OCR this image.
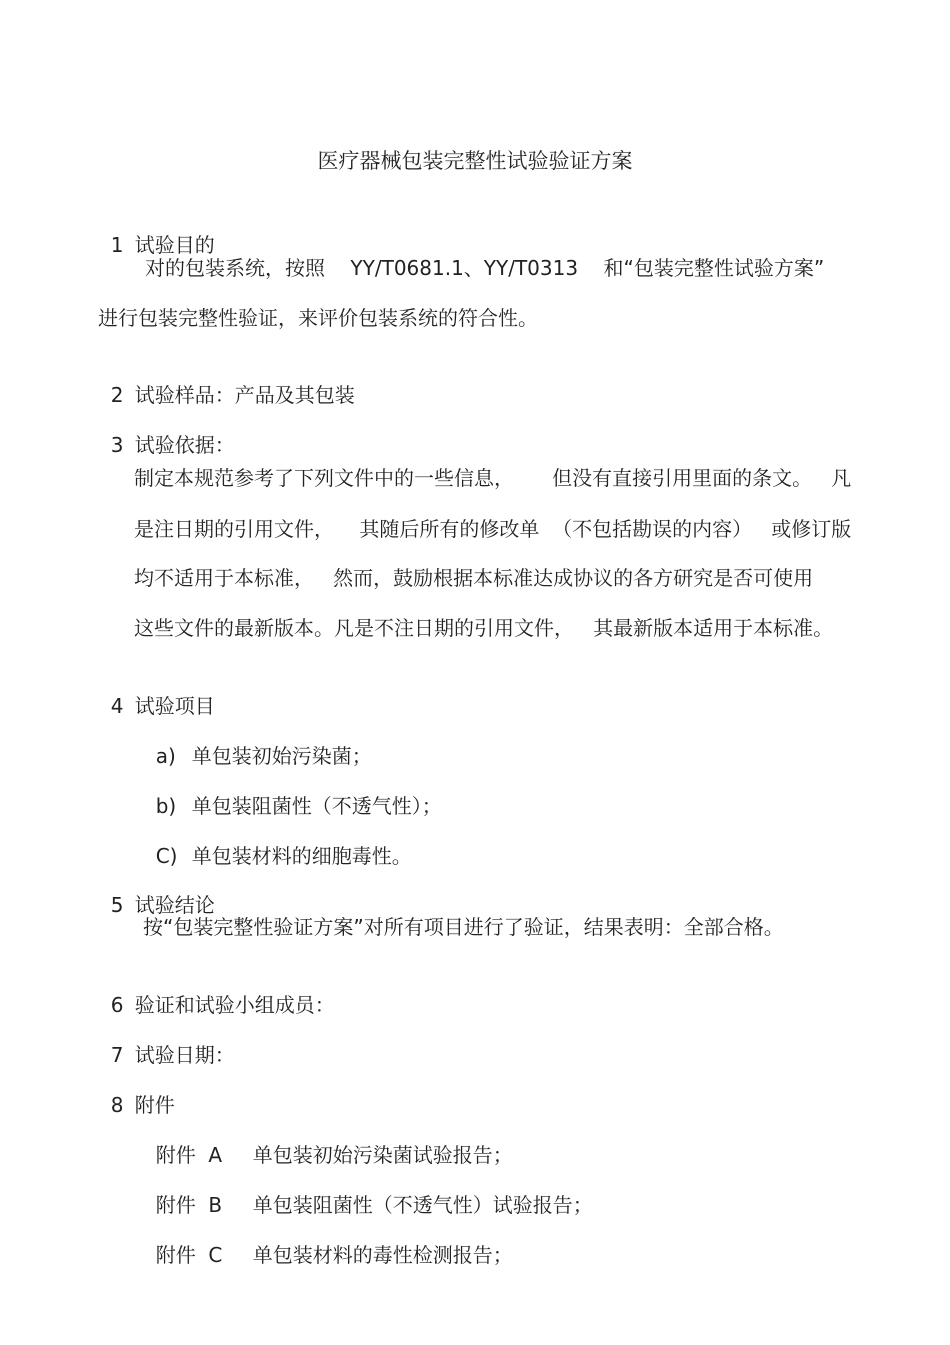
医疗器械包装完整性试验验证方案

1 试验目的

对的包装系统，按照    YY/T0681.1、YY/T0313    和“包装完整性试验方案”
进行包装完整性验证，来评价包装系统的符合性。

2 试验样品：产品及其包装

3 试验依据：

制定本规范参考了下列文件中的一些信息，      但没有直接引用里面的条文。   凡
是注日期的引用文件，    其随后所有的修改单  （不包括勘误的内容）   或修订版
均不适用于本标准，   然而，鼓励根据本标准达成协议的各方研究是否可使用
这些文件的最新版本。凡是不注日期的引用文件，   其最新版本适用于本标准。

4 试验项目

a) 单包装初始污染菌；

b) 单包装阻菌性（不透气性）；

C) 单包装材料的细胞毒性。

5 试验结论

按“包装完整性验证方案”对所有项目进行了验证，结果表明：全部合格。

6 验证和试验小组成员：

7 试验日期：

8 附件

附件  A 单包装初始污染菌试验报告；

附件  B 单包装阻菌性（不透气性）试验报告；

附件  C 单包装材料的毒性检测报告；
